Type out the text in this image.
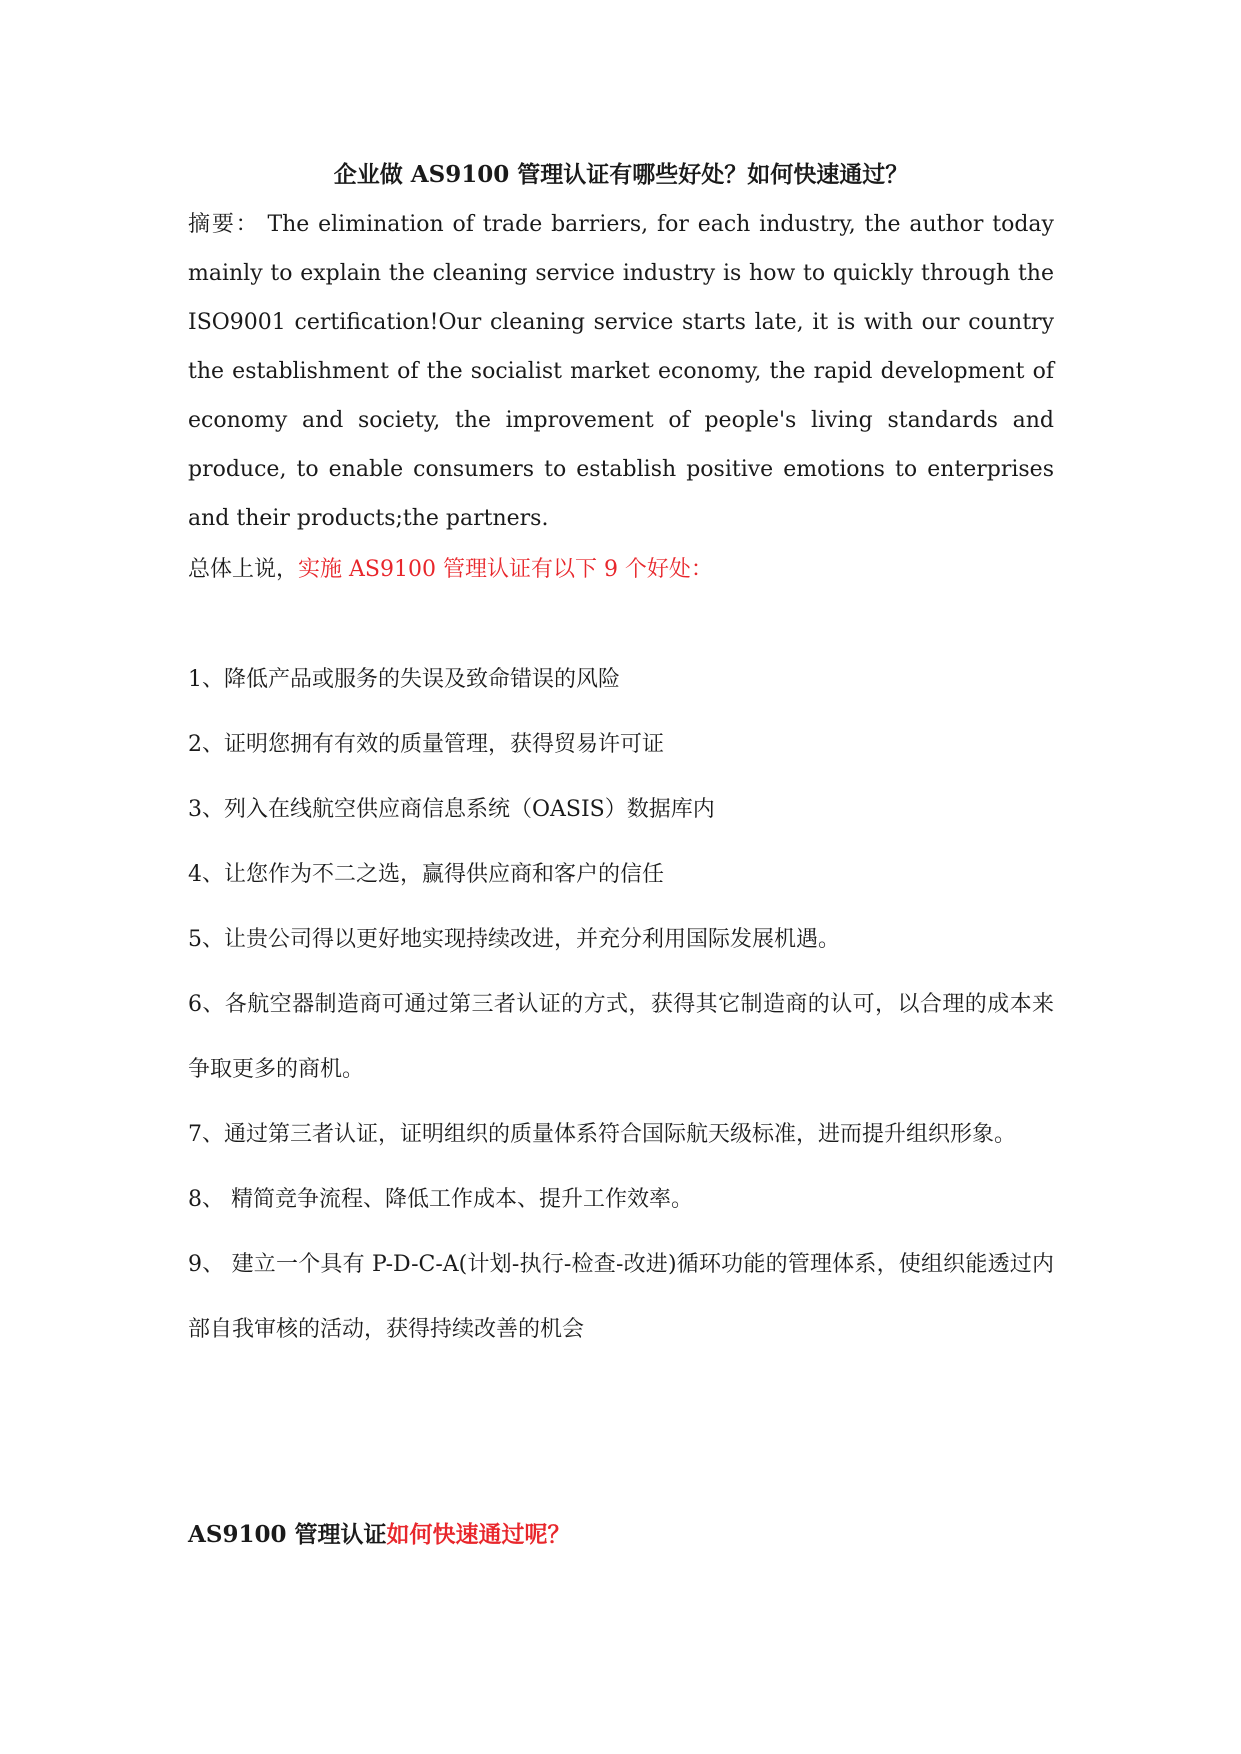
企业做 AS9100 管理认证有哪些好处？如何快速通过？

摘要： The elimination of trade barriers, for each industry, the author today mainly to explain the cleaning service industry is how to quickly through the ISO9001 certification!Our cleaning service starts late, it is with our country the establishment of the socialist market economy, the rapid development of economy and society, the improvement of people's living standards and produce, to enable consumers to establish positive emotions to enterprises and their products;the partners.

总体上说，实施 AS9100 管理认证有以下 9 个好处：

1、降低产品或服务的失误及致命错误的风险
2、证明您拥有有效的质量管理，获得贸易许可证
3、列入在线航空供应商信息系统（OASIS）数据库内
4、让您作为不二之选，赢得供应商和客户的信任
5、让贵公司得以更好地实现持续改进，并充分利用国际发展机遇。
6、各航空器制造商可通过第三者认证的方式，获得其它制造商的认可，以合理的成本来争取更多的商机。
7、通过第三者认证，证明组织的质量体系符合国际航天级标准，进而提升组织形象。
8、 精简竞争流程、降低工作成本、提升工作效率。
9、 建立一个具有 P-D-C-A(计划-执行-检查-改进)循环功能的管理体系，使组织能透过内部自我审核的活动，获得持续改善的机会
AS9100 管理认证如何快速通过呢？
